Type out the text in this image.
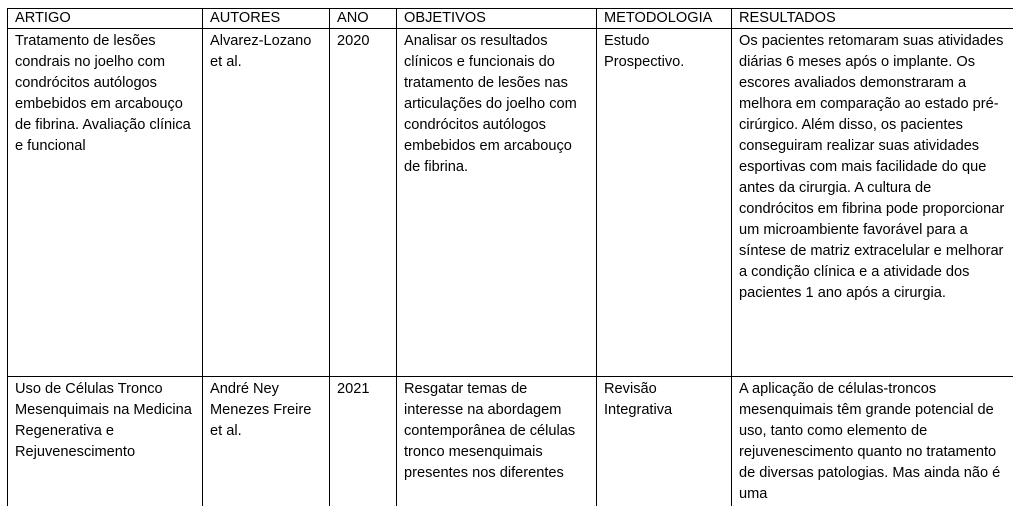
ARTIGO	AUTORES	ANO	OBJETIVOS	METODOLOGIA	RESULTADOS
Tratamento de lesões condrais no joelho com condrócitos autólogos embebidos em arcabouço de fibrina. Avaliação clínica e funcional	Alvarez-Lozano et al.	2020	Analisar os resultados clínicos e funcionais do tratamento de lesões nas articulações do joelho com condrócitos autólogos embebidos em arcabouço de fibrina.	Estudo Prospectivo.	Os pacientes retomaram suas atividades diárias 6 meses após o implante. Os escores avaliados demonstraram a melhora em comparação ao estado pré-cirúrgico. Além disso, os pacientes conseguiram realizar suas atividades esportivas com mais facilidade do que antes da cirurgia. A cultura de condrócitos em fibrina pode proporcionar um microambiente favorável para a síntese de matriz extracelular e melhorar a condição clínica e a atividade dos pacientes 1 ano após a cirurgia.
Uso de Células Tronco Mesenquimais na Medicina Regenerativa e Rejuvenescimento	André Ney Menezes Freire et al.	2021	Resgatar temas de interesse na abordagem contemporânea de células tronco mesenquimais presentes nos diferentes	Revisão Integrativa	A aplicação de células-troncos mesenquimais têm grande potencial de uso, tanto como elemento de rejuvenescimento quanto no tratamento de diversas patologias. Mas ainda não é uma
